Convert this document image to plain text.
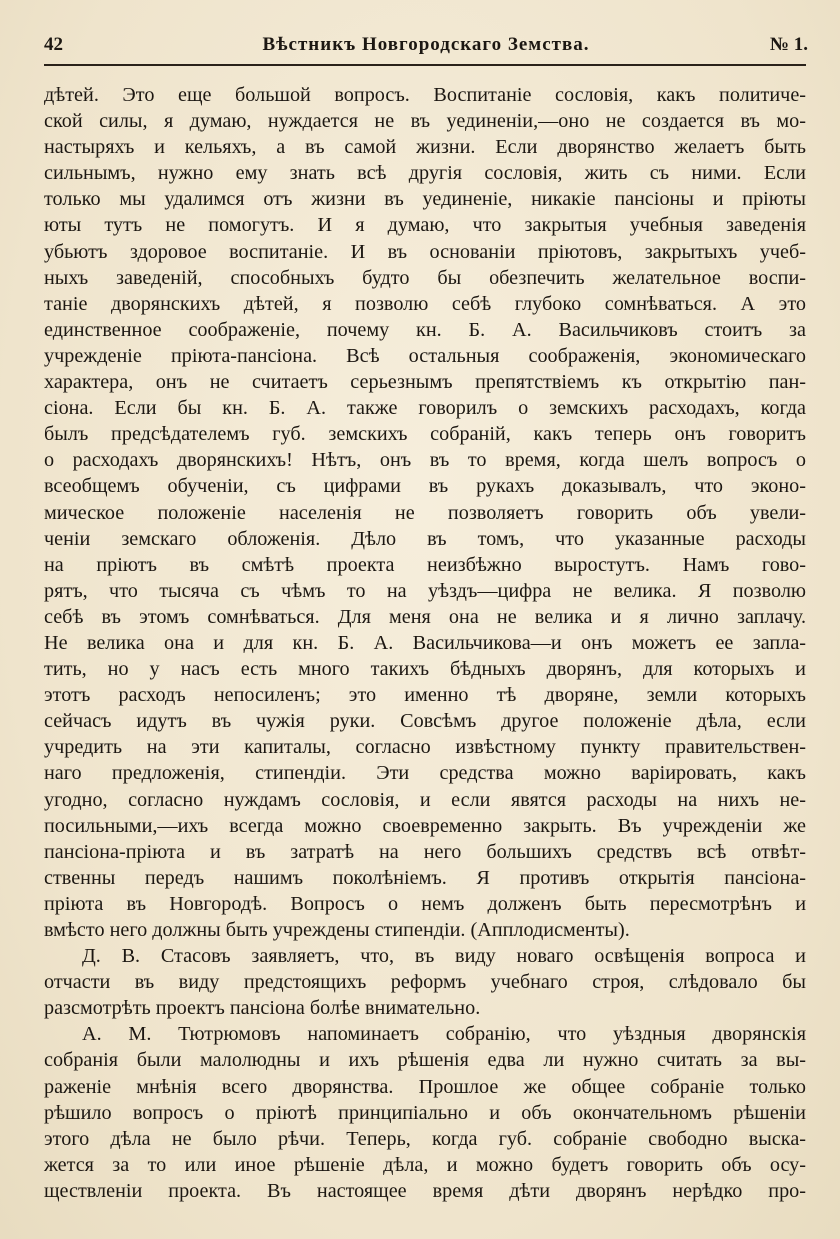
42	Вѣстникъ Новгородскаго Земства.	№ 1.
дѣтей. Это еще большой вопросъ. Воспитаніе сословія, какъ политиче-
ской силы, я думаю, нуждается не въ уединеніи,—оно не создается въ мо-
настыряхъ и кельяхъ, а въ самой жизни. Если дворянство желаетъ быть
сильнымъ, нужно ему знать всѣ другія сословія, жить съ ними. Если
только мы удалимся отъ жизни въ уединеніе, никакіе пансіоны и пріюты
юты тутъ не помогутъ. И я думаю, что закрытыя учебныя заведенія
убьютъ здоровое воспитаніе. И въ основаніи пріютовъ, закрытыхъ учеб-
ныхъ заведеній, способныхъ будто бы обезпечить желательное воспи-
таніе дворянскихъ дѣтей, я позволю себѣ глубоко сомнѣваться. А это
единственное соображеніе, почему кн. Б. А. Васильчиковъ стоитъ за
учрежденіе пріюта-пансіона. Всѣ остальныя соображенія, экономическаго
характера, онъ не считаетъ серьезнымъ препятствіемъ къ открытію пан-
сіона. Если бы кн. Б. А. также говорилъ о земскихъ расходахъ, когда
былъ предсѣдателемъ губ. земскихъ собраній, какъ теперь онъ говоритъ
о расходахъ дворянскихъ! Нѣтъ, онъ въ то время, когда шелъ вопросъ о
всеобщемъ обученіи, съ цифрами въ рукахъ доказывалъ, что эконо-
мическое положеніе населенія не позволяетъ говорить объ увели-
ченіи земскаго обложенія. Дѣло въ томъ, что указанные расходы
на пріютъ въ смѣтѣ проекта неизбѣжно выростутъ. Намъ гово-
рятъ, что тысяча съ чѣмъ то на уѣздъ—цифра не велика. Я позволю
себѣ въ этомъ сомнѣваться. Для меня она не велика и я лично заплачу.
Не велика она и для кн. Б. А. Васильчикова—и онъ можетъ ее запла-
тить, но у насъ есть много такихъ бѣдныхъ дворянъ, для которыхъ и
этотъ расходъ непосиленъ; это именно тѣ дворяне, земли которыхъ
сейчасъ идутъ въ чужія руки. Совсѣмъ другое положеніе дѣла, если
учредить на эти капиталы, согласно извѣстному пункту правительствен-
наго предложенія, стипендіи. Эти средства можно варіировать, какъ
угодно, согласно нуждамъ сословія, и если явятся расходы на нихъ не-
посильными,—ихъ всегда можно своевременно закрыть. Въ учрежденіи же
пансіона-пріюта и въ затратѣ на него большихъ средствъ всѣ отвѣт-
ственны передъ нашимъ поколѣніемъ. Я противъ открытія пансіона-
пріюта въ Новгородѣ. Вопросъ о немъ долженъ быть пересмотрѣнъ и
вмѣсто него должны быть учреждены стипендіи. (Апплодисменты).
Д. В. Стасовъ заявляетъ, что, въ виду новаго освѣщенія вопроса и
отчасти въ виду предстоящихъ реформъ учебнаго строя, слѣдовало бы
разсмотрѣть проектъ пансіона болѣе внимательно.
А. М. Тютрюмовъ напоминаетъ собранію, что уѣздныя дворянскія
собранія были малолюдны и ихъ рѣшенія едва ли нужно считать за вы-
раженіе мнѣнія всего дворянства. Прошлое же общее собраніе только
рѣшило вопросъ о пріютѣ принципіально и объ окончательномъ рѣшеніи
этого дѣла не было рѣчи. Теперь, когда губ. собраніе свободно выска-
жется за то или иное рѣшеніе дѣла, и можно будетъ говорить объ осу-
ществленіи проекта. Въ настоящее время дѣти дворянъ нерѣдко про-
